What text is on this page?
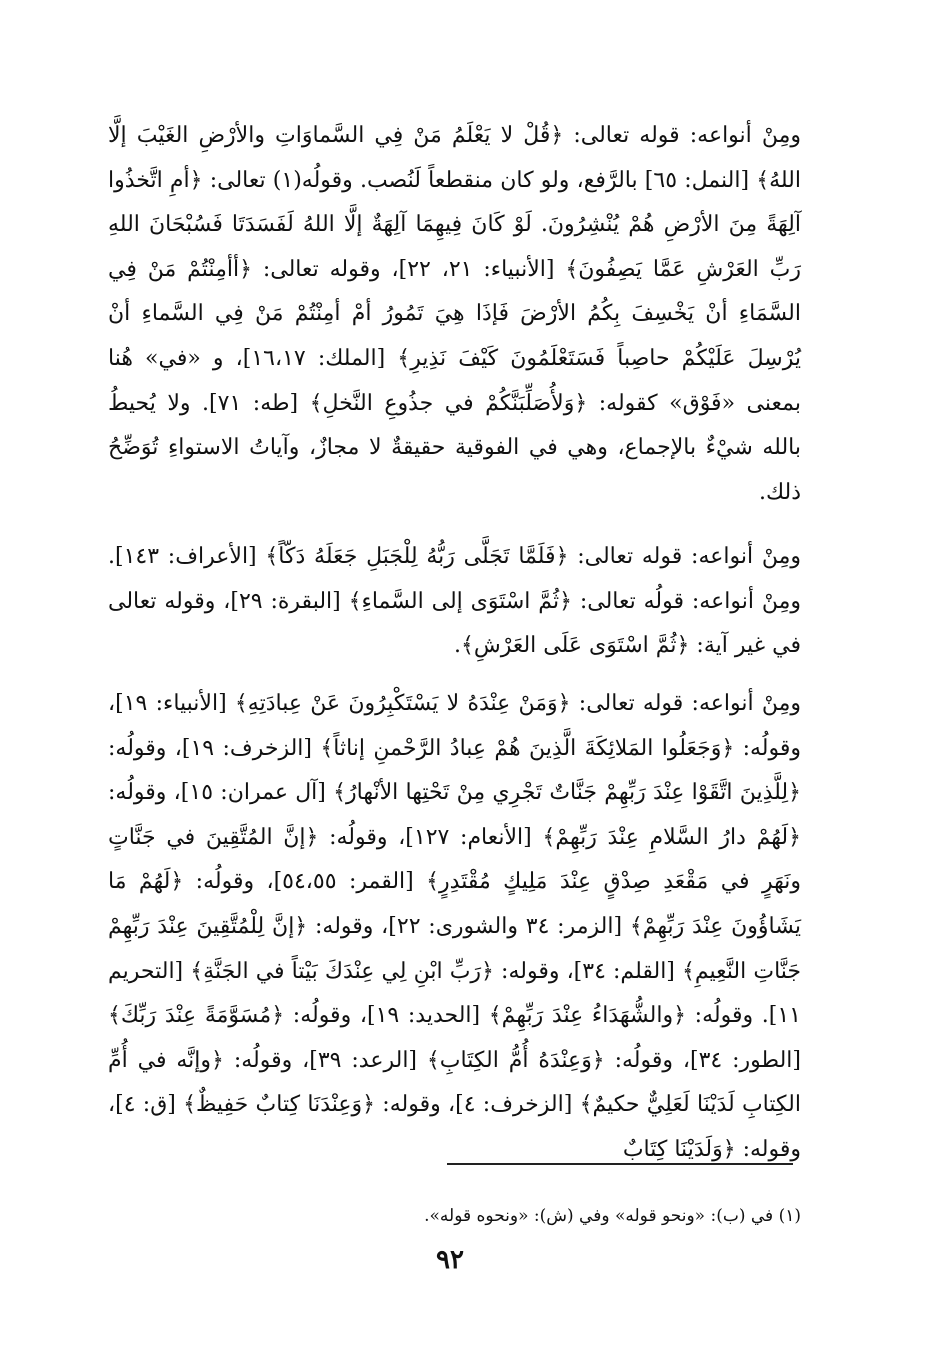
ومِنْ أنواعه: قوله تعالى: ﴿قُلْ لا يَعْلَمُ مَنْ فِي السَّماوَاتِ والأرْضِ الغَيْبَ إلَّا اللهُ﴾ [النمل: ٦٥] بالرَّفع، ولو كان منقطعاً لَنُصب. وقولُه(١) تعالى: ﴿أمِ اتَّخذُوا آلِهَةً مِنَ الأرْضِ هُمْ يُنْشِرُونَ. لَوْ كَانَ فِيهِمَا آلِهَةٌ إلَّا اللهُ لَفَسَدَتَا فَسُبْحَانَ اللهِ رَبِّ العَرْشِ عَمَّا يَصِفُونَ﴾ [الأنبياء: ٢١، ٢٢]، وقوله تعالى: ﴿أأمِنْتُمْ مَنْ فِي السَّمَاءِ أنْ يَخْسِفَ بِكُمُ الأرْضَ فَإذَا هِيَ تَمُورُ أمْ أمِنْتُمْ مَنْ فِي السَّماءِ أنْ يُرْسِلَ عَلَيْكُمْ حاصِباً فَسَتَعْلَمُونَ كَيْفَ نَذِيرِ﴾ [الملك: ١٦،١٧]، و «في» هُنا بمعنى «فَوْق» كقوله: ﴿وَلأُصَلِّبَنَّكُمْ في جذُوعِ النَّخلِ﴾ [طه: ٧١]. ولا يُحيطُ بالله شيْءٌ بالإجماع، وهي في الفوقية حقيقةٌ لا مجازٌ، وآياتُ الاستواءِ تُوَضِّحُ ذلك.

ومِنْ أنواعه: قوله تعالى: ﴿فَلَمَّا تَجَلَّى رَبُّهُ لِلْجَبَلِ جَعَلَهُ دَكّاً﴾ [الأعراف: ١٤٣]. ومِنْ أنواعه: قولُه تعالى: ﴿ثُمَّ اسْتَوَى إلى السَّماءِ﴾ [البقرة: ٢٩]، وقوله تعالى في غير آية: ﴿ثُمَّ اسْتَوَى عَلَى العَرْشِ﴾.

ومِنْ أنواعه: قوله تعالى: ﴿وَمَنْ عِنْدَهُ لا يَسْتَكْبِرُونَ عَنْ عِبادَتِهِ﴾ [الأنبياء: ١٩]، وقولُه: ﴿وَجَعَلُوا المَلائِكَةَ الَّذِينَ هُمْ عِبادُ الرَّحْمنِ إناثاً﴾ [الزخرف: ١٩]، وقولُه: ﴿لِلَّذِينَ اتَّقَوْا عِنْدَ رَبِّهِمْ جَنَّاتٌ تَجْرِي مِنْ تَحْتِها الأنْهارُ﴾ [آل عمران: ١٥]، وقولُه: ﴿لَهُمْ دارُ السَّلامِ عِنْدَ رَبِّهِمْ﴾ [الأنعام: ١٢٧]، وقولُه: ﴿إنَّ المُتَّقِينَ في جَنَّاتٍ ونَهَرٍ في مَقْعَدِ صِدْقٍ عِنْدَ مَلِيكٍ مُقْتَدِرٍ﴾ [القمر: ٥٤،٥٥]، وقولُه: ﴿لَهُمْ مَا يَشَاؤُونَ عِنْدَ رَبِّهِمْ﴾ [الزمر: ٣٤ والشورى: ٢٢]، وقوله: ﴿إنَّ لِلْمُتَّقِينَ عِنْدَ رَبِّهِمْ جَنَّاتِ النَّعِيمِ﴾ [القلم: ٣٤]، وقوله: ﴿رَبِّ ابْنِ لِي عِنْدَكَ بَيْتاً في الجَنَّةِ﴾ [التحريم ١١]. وقولُه: ﴿والشُّهَدَاءُ عِنْدَ رَبِّهِمْ﴾ [الحديد: ١٩]، وقولُه: ﴿مُسَوَّمَةً عِنْدَ رَبِّكَ﴾ [الطور: ٣٤]، وقولُه: ﴿وَعِنْدَهُ أُمُّ الكِتَابِ﴾ [الرعد: ٣٩]، وقولُه: ﴿وإنَّه في أُمِّ الكِتابِ لَدَيْنَا لَعَلِيٌّ حكيمٌ﴾ [الزخرف: ٤]، وقوله: ﴿وَعِنْدَنَا كِتابٌ حَفِيظٌ﴾ [ق: ٤]، وقوله: ﴿وَلَدَيْنَا كِتَابٌ

(١) في (ب): «ونحو قوله» وفي (ش): «ونحوه قوله».

٩٢
